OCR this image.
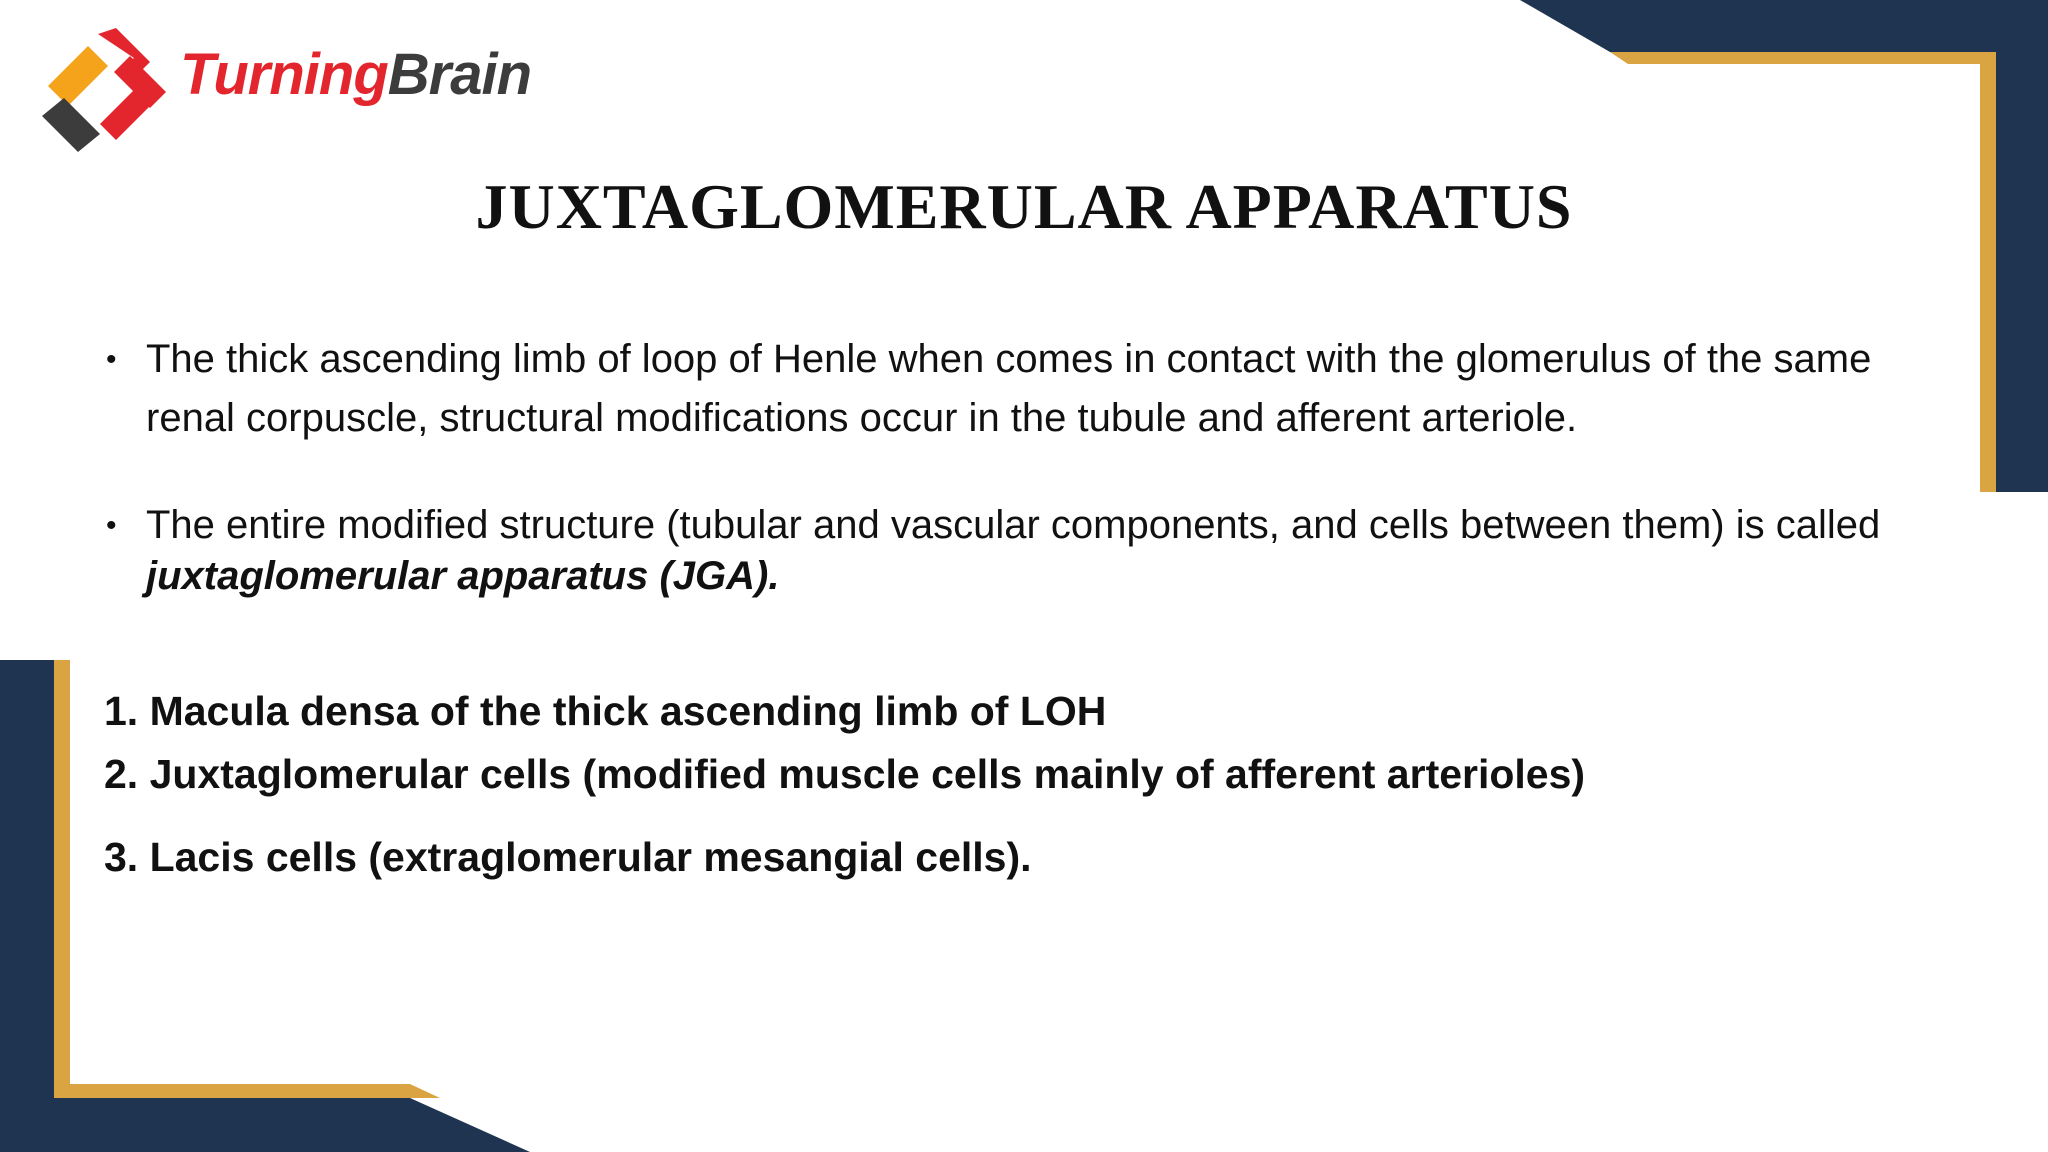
TurningBrain
JUXTAGLOMERULAR APPARATUS
• The thick ascending limb of loop of Henle when comes in contact with the glomerulus of the same renal corpuscle, structural modifications occur in the tubule and afferent arteriole.
• The entire modified structure (tubular and vascular components, and cells between them) is called juxtaglomerular apparatus (JGA).
1. Macula densa of the thick ascending limb of LOH
2. Juxtaglomerular cells (modified muscle cells mainly of afferent arterioles)
3. Lacis cells (extraglomerular mesangial cells).
